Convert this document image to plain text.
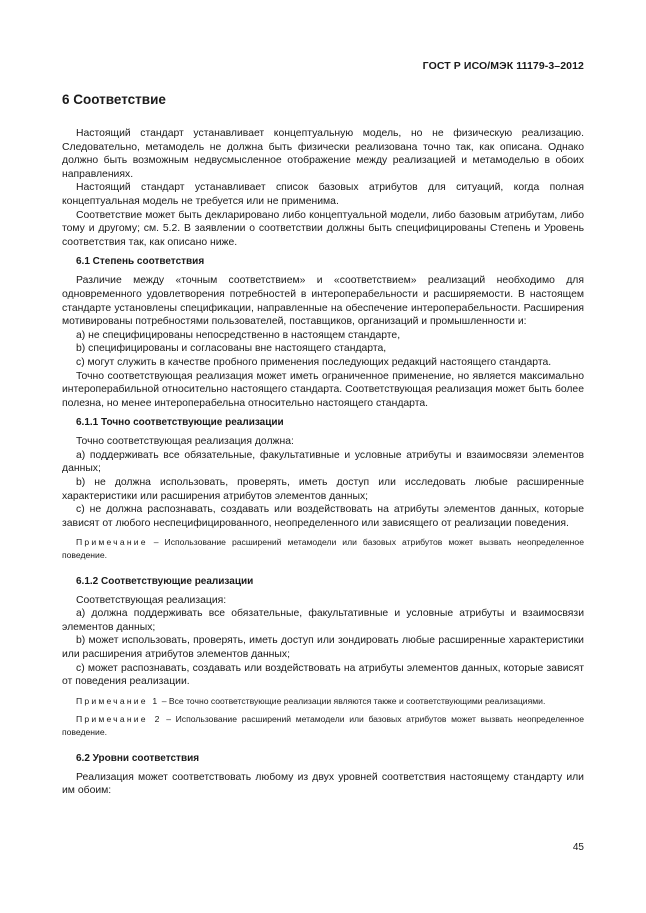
ГОСТ Р ИСО/МЭК 11179-3–2012
6 Соответствие

Настоящий стандарт устанавливает концептуальную модель, но не физическую реализацию. Следовательно, метамодель не должна быть физически реализована точно так, как описана. Однако должно быть возможным недвусмысленное отображение между реализацией и метамоделью в обоих направлениях.

Настоящий стандарт устанавливает список базовых атрибутов для ситуаций, когда полная концептуальная модель не требуется или не применима.

Соответствие может быть декларировано либо концептуальной модели, либо базовым атрибутам, либо тому и другому; см. 5.2. В заявлении о соответствии должны быть специфицированы Степень и Уровень соответствия так, как описано ниже.

6.1 Степень соответствия

Различие между «точным соответствием» и «соответствием» реализаций необходимо для одновременного удовлетворения потребностей в интероперабельности и расширяемости. В настоящем стандарте установлены спецификации, направленные на обеспечение интероперабельности. Расширения мотивированы потребностями пользователей, поставщиков, организаций и промышленности и:

а) не специфицированы непосредственно в настоящем стандарте,

b) специфицированы и согласованы вне настоящего стандарта,

с) могут служить в качестве пробного применения последующих редакций настоящего стандарта.

Точно соответствующая реализация может иметь ограниченное применение, но является максимально интероперабильной относительно настоящего стандарта. Соответствующая реализация может быть более полезна, но менее интероперабельна относительно настоящего стандарта.

6.1.1 Точно соответствующие реализации

Точно соответствующая реализация должна:

а) поддерживать все обязательные, факультативные и условные атрибуты и взаимосвязи элементов данных;

b) не должна использовать, проверять, иметь доступ или исследовать любые расширенные характеристики или расширения атрибутов элементов данных;

с) не должна распознавать, создавать или воздействовать на атрибуты элементов данных, которые зависят от любого неспецифицированного, неопределенного или зависящего от реализации поведения.

Примечание – Использование расширений метамодели или базовых атрибутов может вызвать неопределенное поведение.
6.1.2 Соответствующие реализации

Соответствующая реализация:

а) должна поддерживать все обязательные, факультативные и условные атрибуты и взаимосвязи элементов данных;

b) может использовать, проверять, иметь доступ или зондировать любые расширенные характеристики или расширения атрибутов элементов данных;

с) может распознавать, создавать или воздействовать на атрибуты элементов данных, которые зависят от поведения реализации.

Примечание 1 – Все точно соответствующие реализации являются также и соответствующими реализациями.
Примечание 2 – Использование расширений метамодели или базовых атрибутов может вызвать неопределенное поведение.
6.2 Уровни соответствия

Реализация может соответствовать любому из двух уровней соответствия настоящему стандарту или им обоим:

45
